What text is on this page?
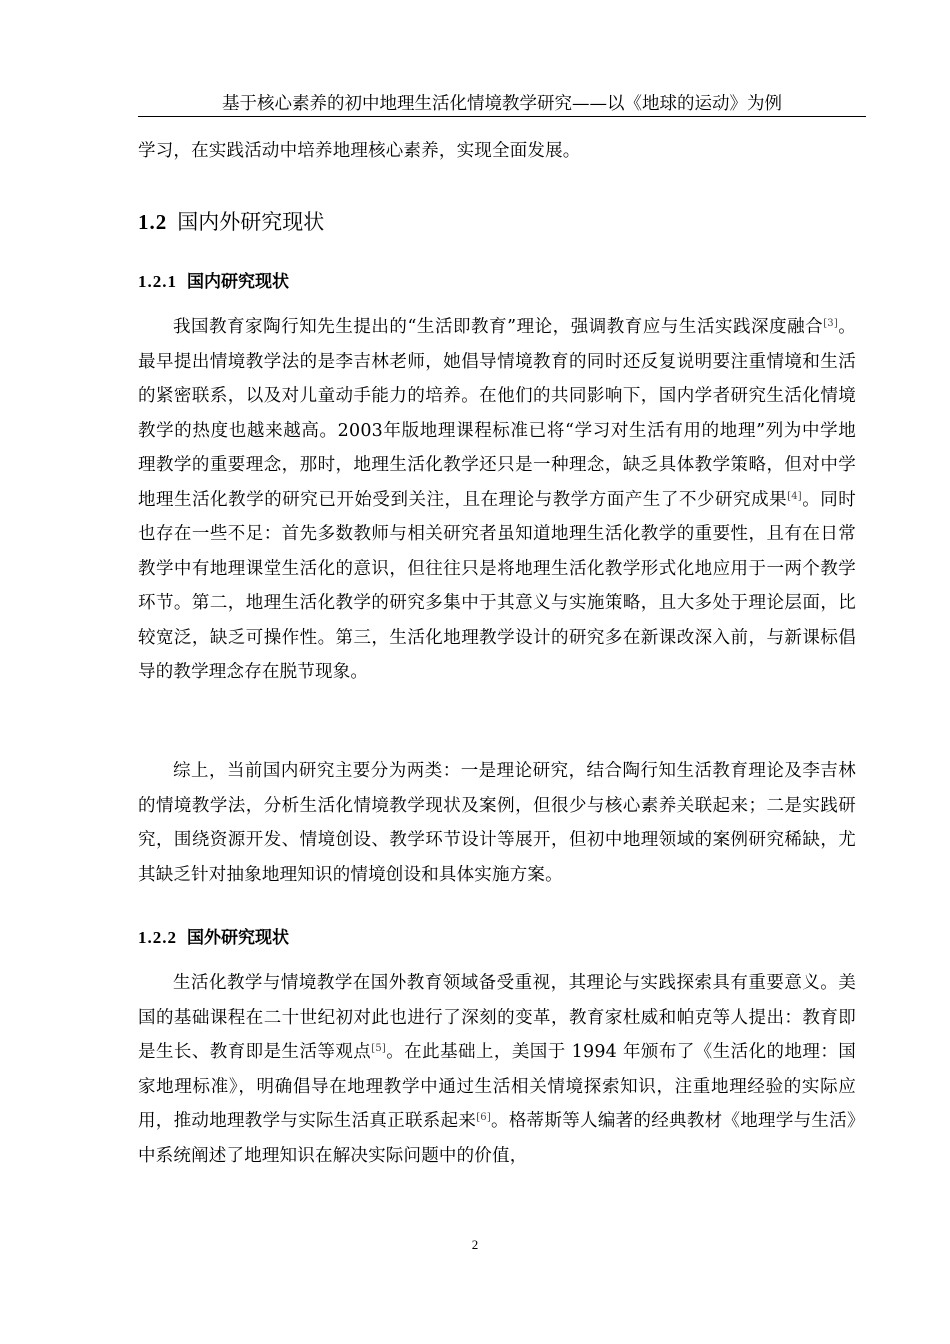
基于核心素养的初中地理生活化情境教学研究——以《地球的运动》为例

学习，在实践活动中培养地理核心素养，实现全面发展。

1.2 国内外研究现状
1.2.1 国内研究现状

我国教育家陶行知先生提出的“生活即教育”理论，强调教育应与生活实践深度融合[3]。最早提出情境教学法的是李吉林老师，她倡导情境教育的同时还反复说明要注重情境和生活的紧密联系，以及对儿童动手能力的培养。在他们的共同影响下，国内学者研究生活化情境教学的热度也越来越高。2003年版地理课程标准已将“学习对生活有用的地理”列为中学地理教学的重要理念，那时，地理生活化教学还只是一种理念，缺乏具体教学策略，但对中学地理生活化教学的研究已开始受到关注，且在理论与教学方面产生了不少研究成果[4]。同时也存在一些不足：首先多数教师与相关研究者虽知道地理生活化教学的重要性，且有在日常教学中有地理课堂生活化的意识，但往往只是将地理生活化教学形式化地应用于一两个教学环节。第二，地理生活化教学的研究多集中于其意义与实施策略，且大多处于理论层面，比较宽泛，缺乏可操作性。第三，生活化地理教学设计的研究多在新课改深入前，与新课标倡导的教学理念存在脱节现象。

综上，当前国内研究主要分为两类：一是理论研究，结合陶行知生活教育理论及李吉林的情境教学法，分析生活化情境教学现状及案例，但很少与核心素养关联起来；二是实践研究，围绕资源开发、情境创设、教学环节设计等展开，但初中地理领域的案例研究稀缺，尤其缺乏针对抽象地理知识的情境创设和具体实施方案。

1.2.2 国外研究现状

生活化教学与情境教学在国外教育领域备受重视，其理论与实践探索具有重要意义。美国的基础课程在二十世纪初对此也进行了深刻的变革，教育家杜威和帕克等人提出：教育即是生长、教育即是生活等观点[5]。在此基础上，美国于 1994 年颁布了《生活化的地理：国家地理标准》，明确倡导在地理教学中通过生活相关情境探索知识，注重地理经验的实际应用，推动地理教学与实际生活真正联系起来[6]。格蒂斯等人编著的经典教材《地理学与生活》中系统阐述了地理知识在解决实际问题中的价值，

2
